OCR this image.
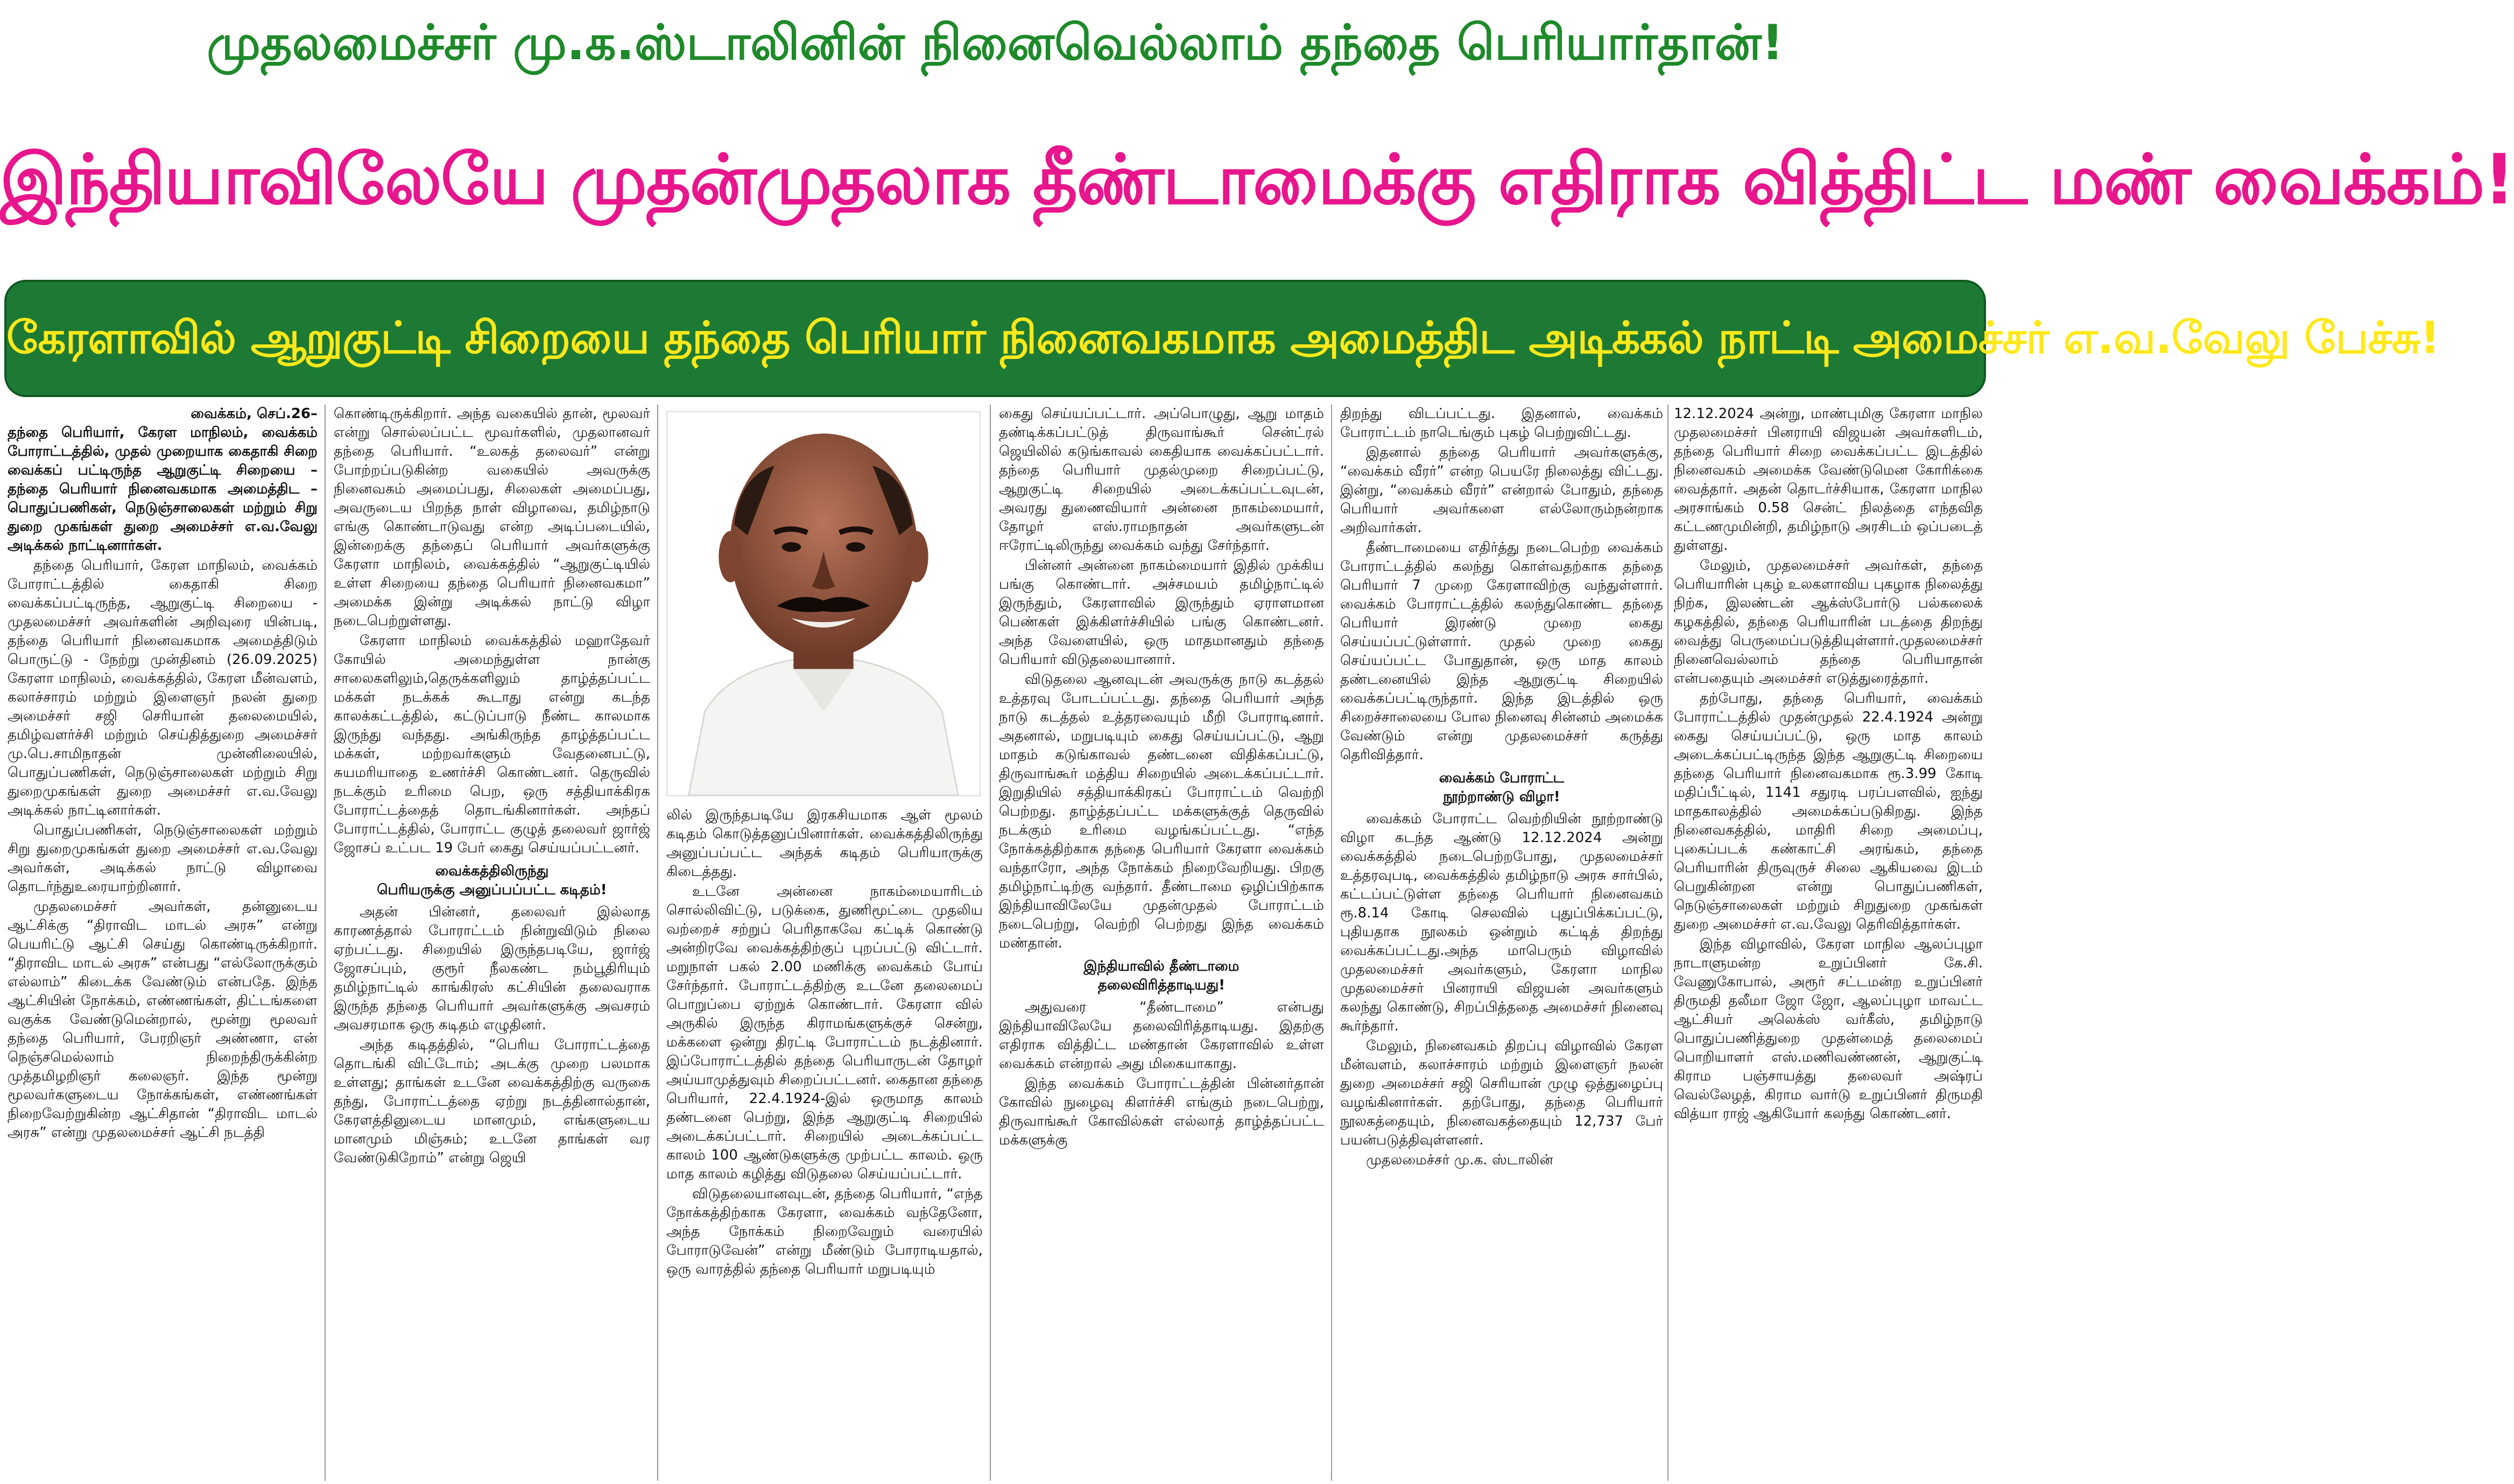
முதலமைச்சர் மு.க.ஸ்டாலினின் நினைவெல்லாம் தந்தை பெரியார்தான்!
இந்தியாவிலேயே முதன்முதலாக தீண்டாமைக்கு எதிராக வித்திட்ட மண் வைக்கம்!
கேரளாவில் ஆறுகுட்டி சிறையை தந்தை பெரியார் நினைவகமாக அமைத்திட அடிக்கல் நாட்டி அமைச்சர் எ.வ.வேலு பேச்சு!

வைக்கம், செப்.26–
தந்தை பெரியார், கேரள மாநிலம், வைக்கம் போராட்டத்தில், முதல் முறையாக கைதாகி சிறை வைக்கப் பட்டிருந்த ஆறுகுட்டி சிறையை – தந்தை பெரியார் நினைவகமாக அமைத்திட – பொதுப்பணிகள், நெடுஞ்சாலைகள் மற்றும் சிறு துறை முகங்கள் துறை அமைச்சர் எ.வ.வேலு அடிக்கல் நாட்டினார்கள்.

தந்தை பெரியார், கேரள மாநிலம், வைக்கம் போராட்டத்தில் கைதாகி சிறை வைக்கப்பட்டிருந்த, ஆறுகுட்டி சிறையை - முதலமைச்சர் அவர்களின் அறிவுரை யின்படி, தந்தை பெரியார் நினைவகமாக அமைத்திடும் பொருட்டு - நேற்று முன்தினம் (26.09.2025) கேரளா மாநிலம், வைக்கத்தில், கேரள மீன்வளம், கலாச்சாரம் மற்றும் இளைஞர் நலன் துறை அமைச்சர் சஜி செரியான் தலைமையில், தமிழ்வளர்ச்சி மற்றும் செய்தித்துறை அமைச்சர் மு.பெ.சாமிநாதன் முன்னிலையில், பொதுப்பணிகள், நெடுஞ்சாலைகள் மற்றும் சிறு துறைமுகங்கள் துறை அமைச்சர் எ.வ.வேலு அடிக்கல் நாட்டினார்கள்.

பொதுப்பணிகள், நெடுஞ்சாலைகள் மற்றும் சிறு துறைமுகங்கள் துறை அமைச்சர் எ.வ.வேலு அவர்கள், அடிக்கல் நாட்டு விழாவை தொடர்ந்துஉரையாற்றினார்.

முதலமைச்சர் அவர்கள், தன்னுடைய ஆட்சிக்கு “திராவிட மாடல் அரசு” என்று பெயரிட்டு ஆட்சி செய்து கொண்டிருக்கிறார். “திராவிட மாடல் அரசு” என்பது “எல்லோருக்கும் எல்லாம்” கிடைக்க வேண்டும் என்பதே. இந்த ஆட்சியின் நோக்கம், எண்ணங்கள், திட்டங்களை வகுக்க வேண்டுமென்றால், மூன்று மூலவர் தந்தை பெரியார், பேரறிஞர் அண்ணா, என் நெஞ்சமெல்லாம் நிறைந்திருக்கின்ற முத்தமிழறிஞர் கலைஞர். இந்த மூன்று மூலவர்களுடைய நோக்கங்கள், எண்ணங்கள் நிறைவேற்றுகின்ற ஆட்சிதான் “திராவிட மாடல் அரசு” என்று முதலமைச்சர் ஆட்சி நடத்தி

கொண்டிருக்கிறார். அந்த வகையில் தான், மூலவர் என்று சொல்லப்பட்ட மூவர்களில், முதலானவர் தந்தை பெரியார். “உலகத் தலைவர்” என்று போற்றப்படுகின்ற வகையில் அவருக்கு நினைவகம் அமைப்பது, சிலைகள் அமைப்பது, அவருடைய பிறந்த நாள் விழாவை, தமிழ்நாடு எங்கு கொண்டாடுவது என்ற அடிப்படையில், இன்றைக்கு தந்தைப் பெரியார் அவர்களுக்கு கேரளா மாநிலம், வைக்கத்தில் “ஆறுகுட்டியில் உள்ள சிறையை தந்தை பெரியார் நினைவகமா” அமைக்க இன்று அடிக்கல் நாட்டு விழா நடைபெற்றுள்ளது.

கேரளா மாநிலம் வைக்கத்தில் மஹாதேவர் கோயில் அமைந்துள்ள நான்கு சாலைகளிலும்,தெருக்களிலும் தாழ்த்தப்பட்ட மக்கள் நடக்கக் கூடாது என்று கடந்த காலக்கட்டத்தில், கட்டுப்பாடு நீண்ட காலமாக இருந்து வந்தது. அங்கிருந்த தாழ்த்தப்பட்ட மக்கள், மற்றவர்களும் வேதனைபட்டு, சுயமரியாதை உணர்ச்சி கொண்டனர். தெருவில் நடக்கும் உரிமை பெற, ஒரு சத்தியாக்கிரக போராட்டத்தைத் தொடங்கினார்கள். அந்தப் போராட்டத்தில், போராட்ட குழுத் தலைவர் ஜார்ஜ் ஜோசப் உட்பட 19 பேர் கைது செய்யப்பட்டனர்.

வைக்கத்திலிருந்து
பெரியருக்கு அனுப்பப்பட்ட கடிதம்!

அதன் பின்னர், தலைவர் இல்லாத காரணத்தால் போராட்டம் நின்றுவிடும் நிலை ஏற்பட்டது. சிறையில் இருந்தபடியே, ஜார்ஜ் ஜோசப்பும், குரூர் நீலகண்ட நம்பூதிரியும் தமிழ்நாட்டில் காங்கிரஸ் கட்சியின் தலைவராக இருந்த தந்தை பெரியார் அவர்களுக்கு அவசரம் அவசரமாக ஒரு கடிதம் எழுதினர்.

அந்த கடிதத்தில், “பெரிய போராட்டத்தை தொடங்கி விட்டோம்; அடக்கு முறை பலமாக உள்ளது; தாங்கள் உடனே வைக்கத்திற்கு வருகை தந்து, போராட்டத்தை ஏற்று நடத்தினால்தான், கேரளத்தினுடைய மானமும், எங்களுடைய மானமும் மிஞ்சும்; உடனே தாங்கள் வர வேண்டுகிறோம்” என்று ஜெயி

லில் இருந்தபடியே இரகசியமாக ஆள் மூலம் கடிதம் கொடுத்தனுப்பினார்கள். வைக்கத்திலிருந்து அனுப்பப்பட்ட அந்தக் கடிதம் பெரியாருக்கு கிடைத்தது.

உடனே அன்னை நாகம்மையாரிடம் சொல்லிவிட்டு, படுக்கை, துணிமூட்டை முதலிய வற்றைச் சற்றுப் பெரிதாகவே கட்டிக் கொண்டு அன்றிரவே வைக்கத்திற்குப் புறப்பட்டு விட்டார். மறுநாள் பகல் 2.00 மணிக்கு வைக்கம் போய் சேர்ந்தார். போராட்டத்திற்கு உடனே தலைமைப் பொறுப்பை ஏற்றுக் கொண்டார். கேரளா வில் அருகில் இருந்த கிராமங்களுக்குச் சென்று, மக்களை ஒன்று திரட்டி போராட்டம் நடத்தினார். இப்போராட்டத்தில் தந்தை பெரியாருடன் தோழர் அய்யாமுத்துவும் சிறைப்பட்டனர். கைதான தந்தை பெரியார், 22.4.1924-இல் ஒருமாத காலம் தண்டனை பெற்று, இந்த ஆறுகுட்டி சிறையில் அடைக்கப்பட்டார். சிறையில் அடைக்கப்பட்ட காலம் 100 ஆண்டுகளுக்கு முற்பட்ட காலம். ஒரு மாத காலம் கழித்து விடுதலை செய்யப்பட்டார்.

விடுதலையானவுடன், தந்தை பெரியார், “எந்த நோக்கத்திற்காக கேரளா, வைக்கம் வந்தேனோ, அந்த நோக்கம் நிறைவேறும் வரையில் போராடுவேன்” என்று மீண்டும் போராடியதால், ஒரு வாரத்தில் தந்தை பெரியார் மறுபடியும்

கைது செய்யப்பட்டார். அப்பொழுது, ஆறு மாதம் தண்டிக்கப்பட்டுத் திருவாங்கூர் சென்ட்ரல் ஜெயிலில் கடுங்காவல் கைதியாக வைக்கப்பட்டார். தந்தை பெரியார் முதல்முறை சிறைப்பட்டு, ஆறுகுட்டி சிறையில் அடைக்கப்பட்டவுடன், அவரது துணைவியார் அன்னை நாகம்மையார், தோழர் எஸ்.ராமநாதன் அவர்களுடன் ஈரோட்டிலிருந்து வைக்கம் வந்து சேர்ந்தார்.

பின்னர் அன்னை நாகம்மையார் இதில் முக்கிய பங்கு கொண்டார். அச்சமயம் தமிழ்நாட்டில் இருந்தும், கேரளாவில் இருந்தும் ஏராளமான பெண்கள் இக்கிளர்ச்சியில் பங்கு கொண்டனர். அந்த வேளையில், ஒரு மாதமானதும் தந்தை பெரியார் விடுதலையானார்.

விடுதலை ஆனவுடன் அவருக்கு நாடு கடத்தல் உத்தரவு போடப்பட்டது. தந்தை பெரியார் அந்த நாடு கடத்தல் உத்தரவையும் மீறி போராடினார். அதனால், மறுபடியும் கைது செய்யப்பட்டு, ஆறு மாதம் கடுங்காவல் தண்டனை விதிக்கப்பட்டு, திருவாங்கூர் மத்திய சிறையில் அடைக்கப்பட்டார். இறுதியில் சத்தியாக்கிரகப் போராட்டம் வெற்றி பெற்றது. தாழ்த்தப்பட்ட மக்களுக்குத் தெருவில் நடக்கும் உரிமை வழங்கப்பட்டது. “எந்த நோக்கத்திற்காக தந்தை பெரியார் கேரளா வைக்கம் வந்தாரோ, அந்த நோக்கம் நிறைவேறியது. பிறகு தமிழ்நாட்டிற்கு வந்தார். தீண்டாமை ஒழிப்பிற்காக இந்தியாவிலேயே முதன்முதல் போராட்டம் நடைபெற்று, வெற்றி பெற்றது இந்த வைக்கம் மண்தான்.

இந்தியாவில் தீண்டாமை
தலைவிரித்தாடியது!

அதுவரை “தீண்டாமை” என்பது இந்தியாவிலேயே தலைவிரித்தாடியது. இதற்கு எதிராக வித்திட்ட மண்தான் கேரளாவில் உள்ள வைக்கம் என்றால் அது மிகையாகாது.

இந்த வைக்கம் போராட்டத்தின் பின்னர்தான் கோவில் நுழைவு கிளர்ச்சி எங்கும் நடைபெற்று, திருவாங்கூர் கோவில்கள் எல்லாத் தாழ்த்தப்பட்ட மக்களுக்கு

திறந்து விடப்பட்டது. இதனால், வைக்கம் போராட்டம் நாடெங்கும் புகழ் பெற்றுவிட்டது.

இதனால் தந்தை பெரியார் அவர்களுக்கு, “வைக்கம் வீரர்” என்ற பெயரே நிலைத்து விட்டது. இன்று, “வைக்கம் வீரர்” என்றால் போதும், தந்தை பெரியார் அவர்களை எல்லோரும்நன்றாக அறிவார்கள்.

தீண்டாமையை எதிர்த்து நடைபெற்ற வைக்கம் போராட்டத்தில் கலந்து கொள்வதற்காக தந்தை பெரியார் 7 முறை கேரளாவிற்கு வந்துள்ளார். வைக்கம் போராட்டத்தில் கலந்துகொண்ட தந்தை பெரியார் இரண்டு முறை கைது செய்யப்பட்டுள்ளார். முதல் முறை கைது செய்யப்பட்ட போதுதான், ஒரு மாத காலம் தண்டனையில் இந்த ஆறுகுட்டி சிறையில் வைக்கப்பட்டிருந்தார். இந்த இடத்தில் ஒரு சிறைச்சாலையை போல நினைவு சின்னம் அமைக்க வேண்டும் என்று முதலமைச்சர் கருத்து தெரிவித்தார்.

வைக்கம் போராட்ட
நூற்றாண்டு விழா!

வைக்கம் போராட்ட வெற்றியின் நூற்றாண்டு விழா கடந்த ஆண்டு 12.12.2024 அன்று வைக்கத்தில் நடைபெற்றபோது, முதலமைச்சர் உத்தரவுபடி, வைக்கத்தில் தமிழ்நாடு அரசு சார்பில், கட்டப்பட்டுள்ள தந்தை பெரியார் நினைவகம் ரூ.8.14 கோடி செலவில் புதுப்பிக்கப்பட்டு, புதியதாக நூலகம் ஒன்றும் கட்டித் திறந்து வைக்கப்பட்டது.அந்த மாபெரும் விழாவில் முதலமைச்சர் அவர்களும், கேரளா மாநில முதலமைச்சர் பினராயி விஜயன் அவர்களும் கலந்து கொண்டு, சிறப்பித்ததை அமைச்சர் நினைவு கூர்ந்தார்.

மேலும், நினைவகம் திறப்பு விழாவில் கேரள மீன்வளம், கலாச்சாரம் மற்றும் இளைஞர் நலன் துறை அமைச்சர் சஜி செரியான் முழு ஒத்துழைப்பு வழங்கினார்கள். தற்போது, தந்தை பெரியார் நூலகத்தையும், நினைவகத்தையும் 12,737 பேர் பயன்படுத்திவுள்ளனர்.

முதலமைச்சர் மு.க. ஸ்டாலின்

12.12.2024 அன்று, மாண்புமிகு கேரளா மாநில முதலமைச்சர் பினராயி விஜயன் அவர்களிடம், தந்தை பெரியார் சிறை வைக்கப்பட்ட இடத்தில் நினைவகம் அமைக்க வேண்டுமென கோரிக்கை வைத்தார். அதன் தொடர்ச்சியாக, கேரளா மாநில அரசாங்கம் 0.58 சென்ட் நிலத்தை எந்தவித கட்டணமுமின்றி, தமிழ்நாடு அரசிடம் ஒப்படைத் துள்ளது.

மேலும், முதலமைச்சர் அவர்கள், தந்தை பெரியாரின் புகழ் உலகளாவிய புகழாக நிலைத்து நிற்க, இலண்டன் ஆக்ஸ்போர்டு பல்கலைக் கழகத்தில், தந்தை பெரியாரின் படத்தை திறந்து வைத்து பெருமைப்படுத்தியுள்ளார்.முதலமைச்சர் நினைவெல்லாம் தந்தை பெரியாதான் என்பதையும் அமைச்சர் எடுத்துரைத்தார்.

தற்போது, தந்தை பெரியார், வைக்கம் போராட்டத்தில் முதன்முதல் 22.4.1924 அன்று கைது செய்யப்பட்டு, ஒரு மாத காலம் அடைக்கப்பட்டிருந்த இந்த ஆறுகுட்டி சிறையை தந்தை பெரியார் நினைவகமாக ரூ.3.99 கோடி மதிப்பீட்டில், 1141 சதுரடி பரப்பளவில், ஐந்து மாதகாலத்தில் அமைக்கப்படுகிறது. இந்த நினைவகத்தில், மாதிரி சிறை அமைப்பு, புகைப்படக் கண்காட்சி அரங்கம், தந்தை பெரியாரின் திருவுருச் சிலை ஆகியவை இடம் பெறுகின்றன என்று பொதுப்பணிகள், நெடுஞ்சாலைகள் மற்றும் சிறுதுறை முகங்கள் துறை அமைச்சர் எ.வ.வேலு தெரிவித்தார்கள்.

இந்த விழாவில், கேரள மாநில ஆலப்புழா நாடாளுமன்ற உறுப்பினர் கே.சி. வேணுகோபால், அரூர் சட்டமன்ற உறுப்பினர் திருமதி தலீமா ஜோ ஜோ, ஆலப்புழா மாவட்ட ஆட்சியர் அலெக்ஸ் வர்கீஸ், தமிழ்நாடு பொதுப்பணித்துறை முதன்மைத் தலைமைப் பொறியாளர் எஸ்.மணிவண்ணன், ஆறுகுட்டி கிராம பஞ்சாயத்து தலைவர் அஷ்ரப் வெல்லேழத், கிராம வார்டு உறுப்பினர் திருமதி வித்யா ராஜ் ஆகியோர் கலந்து கொண்டனர்.
